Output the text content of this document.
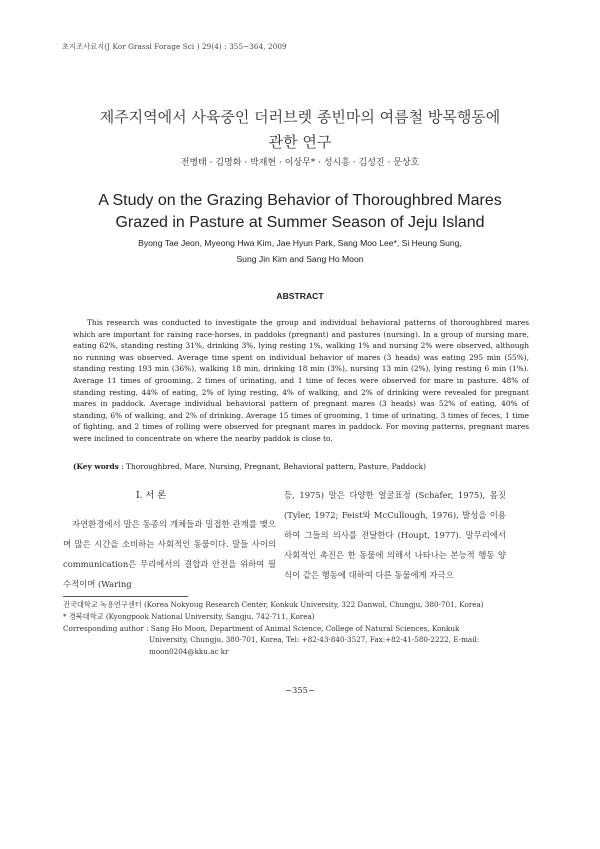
초지조사료지(J Kor Grassl Forage Sci ) 29(4) : 355~364, 2009
제주지역에서 사육중인 더러브렛 종빈마의 여름철 방목행동에
관한 연구
전병태 · 김명화 · 박재현 · 이상무* · 성시흥 · 김성진 · 문상호
A Study on the Grazing Behavior of Thoroughbred Mares
Grazed in Pasture at Summer Season of Jeju Island
Byong Tae Jeon, Myeong Hwa Kim, Jae Hyun Park, Sang Moo Lee*, Si Heung Sung,
Sung Jin Kim and Sang Ho Moon
ABSTRACT

This research was conducted to investigate the group and individual behavioral patterns of thoroughbred mares which are important for raising race-horses, in paddoks (pregnant) and pastures (nursing). In a group of nursing mare, eating 62%, standing resting 31%, drinking 3%, lying resting 1%, walking 1% and nursing 2% were observed, although no running was observed. Average time spent on individual behavior of mares (3 heads) was eating 295 min (55%), standing resting 193 min (36%), walking 18 min, drinking 18 min (3%), nursing 13 min (2%), lying resting 6 min (1%). Average 11 times of grooming, 2 times of urinating, and 1 time of feces were observed for mare in pasture. 48% of standing resting, 44% of eating, 2% of lying resting, 4% of walking, and 2% of drinking were revealed for pregnant mares in paddock. Average individual behavioral pattern of pregnant mares (3 heads) was 52% of eating, 40% of standing, 6% of walking, and 2% of drinking. Average 15 times of grooming, 1 time of urinating, 3 times of feces, 1 time of fighting, and 2 times of rolling were observed for pregnant mares in paddock. For moving patterns, pregnant mares were inclined to concentrate on where the nearby paddok is close to.

(Key words : Thoroughbred, Mare, Nursing, Pregnant, Behavioral pattern, Pasture, Paddock)
Ⅰ. 서 론

자연환경에서 말은 동종의 개체들과 밀접한 관계를 맺으며 많은 시간을 소비하는 사회적인 동물이다. 말들 사이의 communication은 무리에서의 결합과 안전을 위하여 필수적이며 (Waring

등, 1975) 말은 다양한 얼굴표정 (Schafer, 1975), 몸짓 (Tyler, 1972; Feist와 McCullough, 1976), 발성을 이용하여 그들의 의사를 전달한다 (Houpt, 1977). 말무리에서 사회적인 촉진은 한 동물에 의해서 나타나는 본능적 행동 양식이 같은 행동에 대하여 다른 동물에게 자극으

건국대학교 녹용연구센터 (Korea Nokyoug Research Center, Konkuk University, 322 Danwol, Chungju, 380-701, Korea)
* 경북대학교 (Kyongpook National University, Sangju, 742-711, Korea)
Corresponding author : Sang Ho Moon, Department of Animal Science, College of Natural Sciences, Konkuk
University, Chungju, 380-701, Korea, Tel: +82-43-840-3527, Fax:+82-41-580-2222, E-mail:
moon0204@kku.ac kr
−355−
